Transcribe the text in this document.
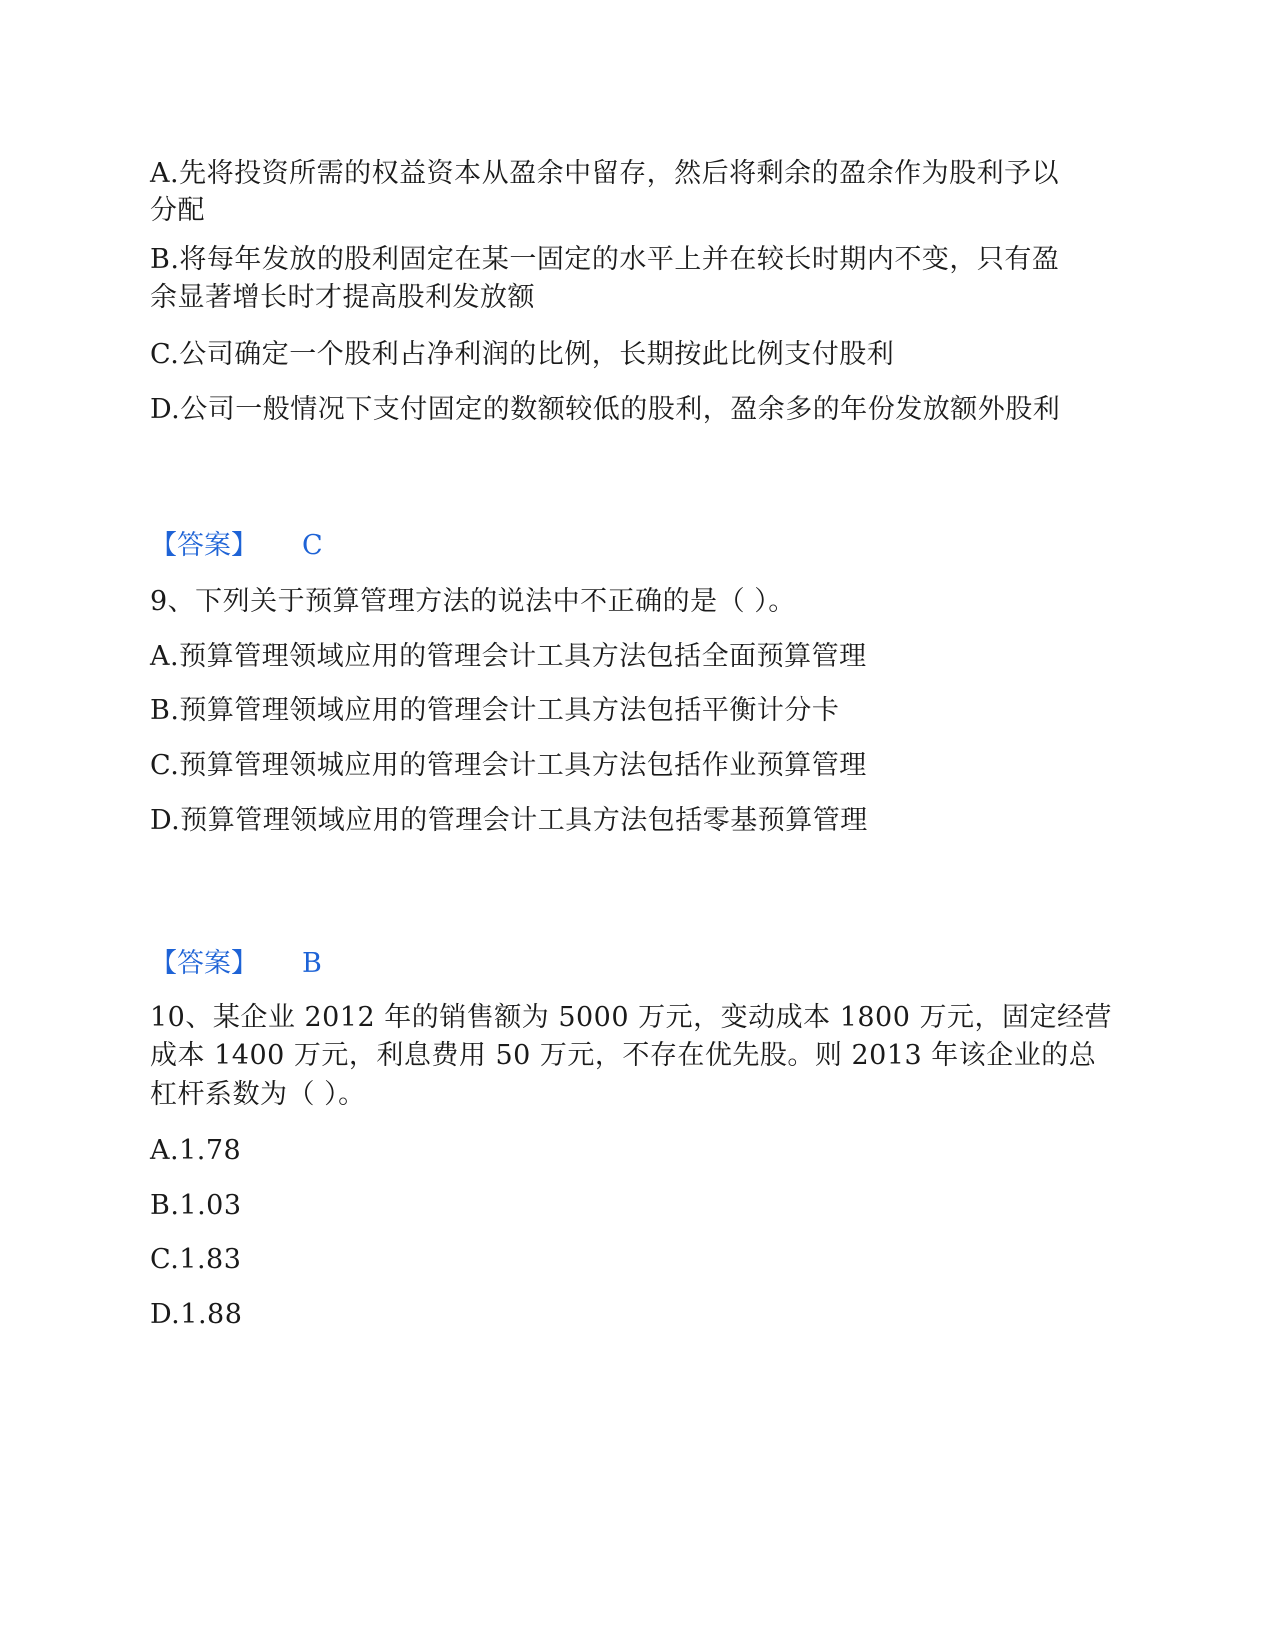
A.先将投资所需的权益资本从盈余中留存，然后将剩余的盈余作为股利予以
分配
B.将每年发放的股利固定在某一固定的水平上并在较长时期内不变，只有盈
余显著增长时才提高股利发放额
C.公司确定一个股利占净利润的比例，长期按此比例支付股利
D.公司一般情况下支付固定的数额较低的股利，盈余多的年份发放额外股利
【答案】 C
9、下列关于预算管理方法的说法中不正确的是（ ）。
A.预算管理领域应用的管理会计工具方法包括全面预算管理
B.预算管理领域应用的管理会计工具方法包括平衡计分卡
C.预算管理领城应用的管理会计工具方法包括作业预算管理
D.预算管理领域应用的管理会计工具方法包括零基预算管理
【答案】 B
10、某企业 2012 年的销售额为 5000 万元，变动成本 1800 万元，固定经营
成本 1400 万元，利息费用 50 万元，不存在优先股。则 2013 年该企业的总
杠杆系数为（ ）。
A.1.78
B.1.03
C.1.83
D.1.88
